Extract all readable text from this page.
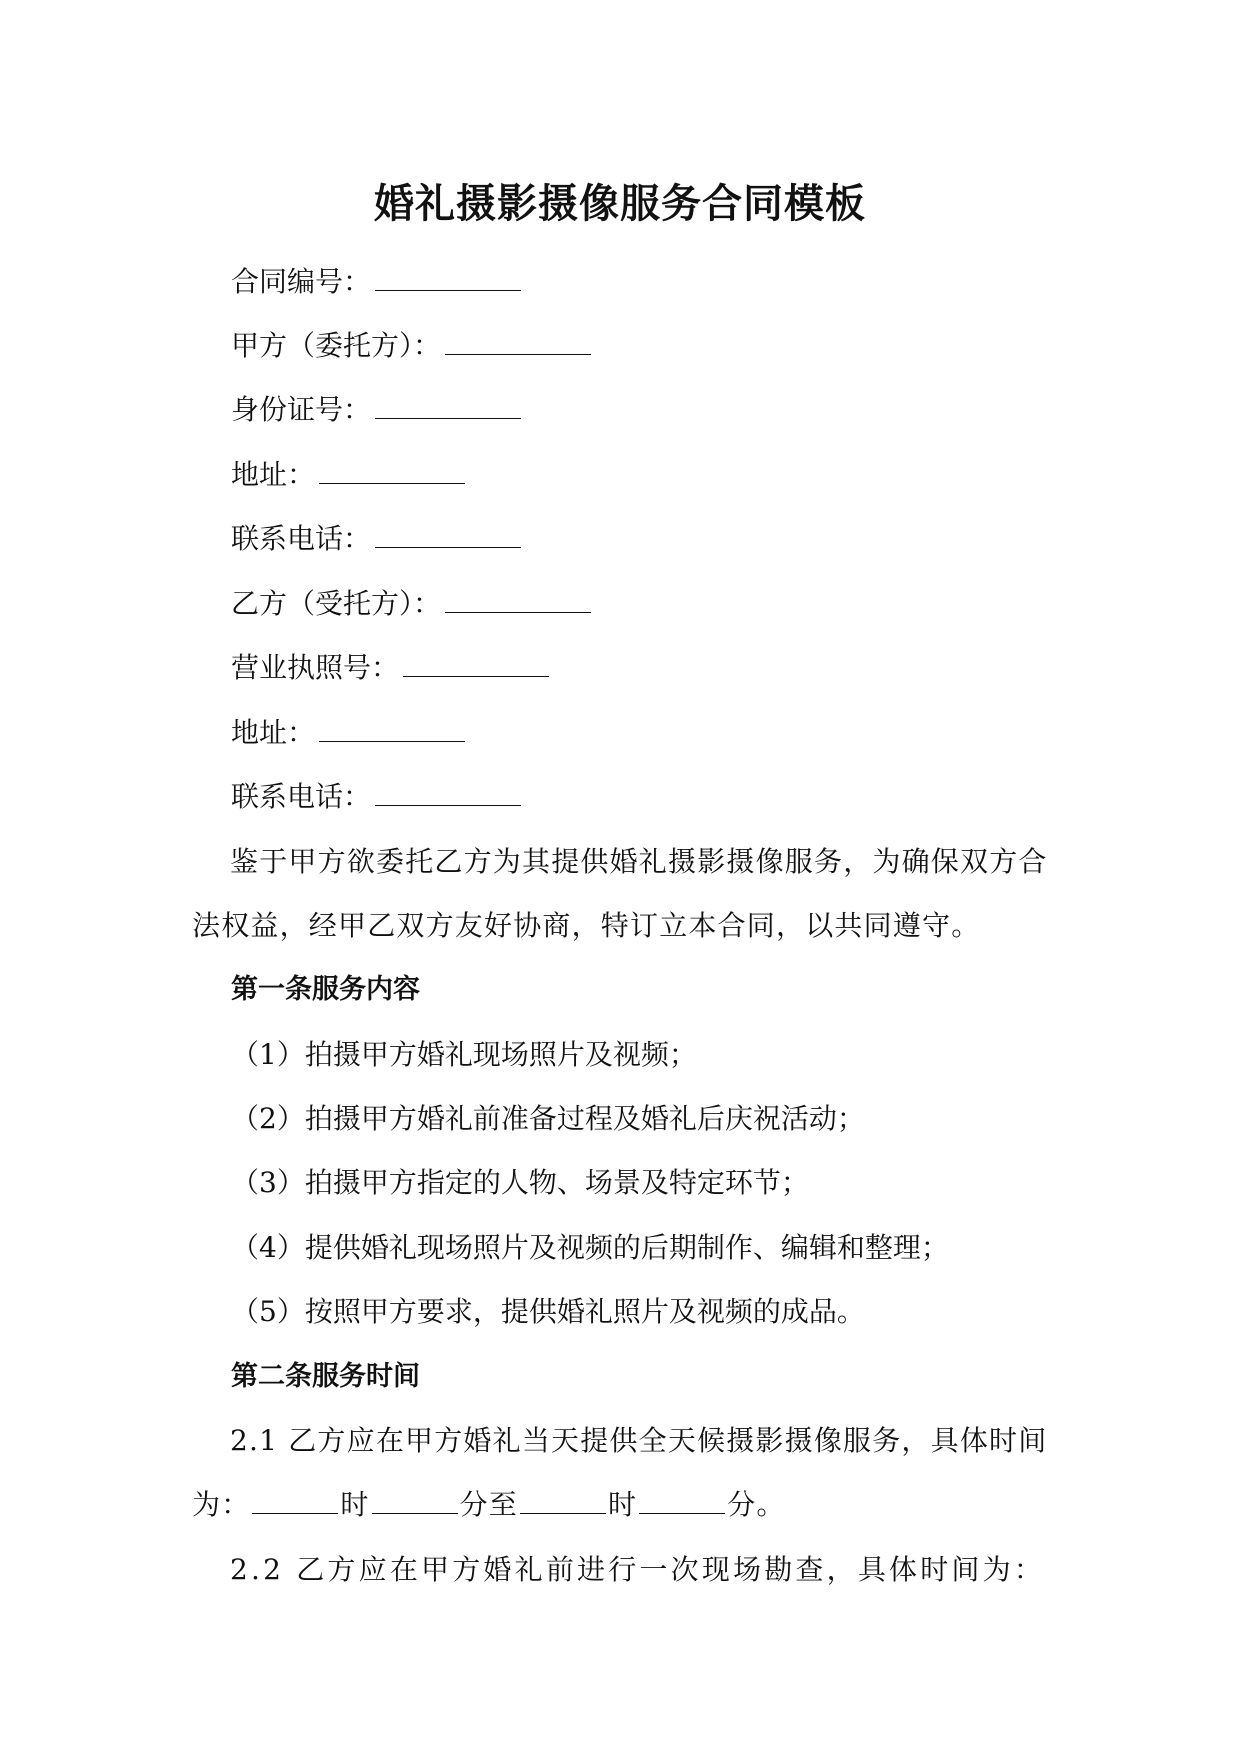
婚礼摄影摄像服务合同模板
合同编号：
甲方（委托方）：
身份证号：
地址：
联系电话：
乙方（受托方）：
营业执照号：
地址：
联系电话：
鉴于甲方欲委托乙方为其提供婚礼摄影摄像服务，为确保双方合
法权益，经甲乙双方友好协商，特订立本合同，以共同遵守。
第一条服务内容
（1）拍摄甲方婚礼现场照片及视频；
（2）拍摄甲方婚礼前准备过程及婚礼后庆祝活动；
（3）拍摄甲方指定的人物、场景及特定环节；
（4）提供婚礼现场照片及视频的后期制作、编辑和整理；
（5）按照甲方要求，提供婚礼照片及视频的成品。
第二条服务时间
2.1 乙方应在甲方婚礼当天提供全天候摄影摄像服务，具体时间
为：	时	分至	时	分。
2.2 乙方应在甲方婚礼前进行一次现场勘查，具体时间为：
